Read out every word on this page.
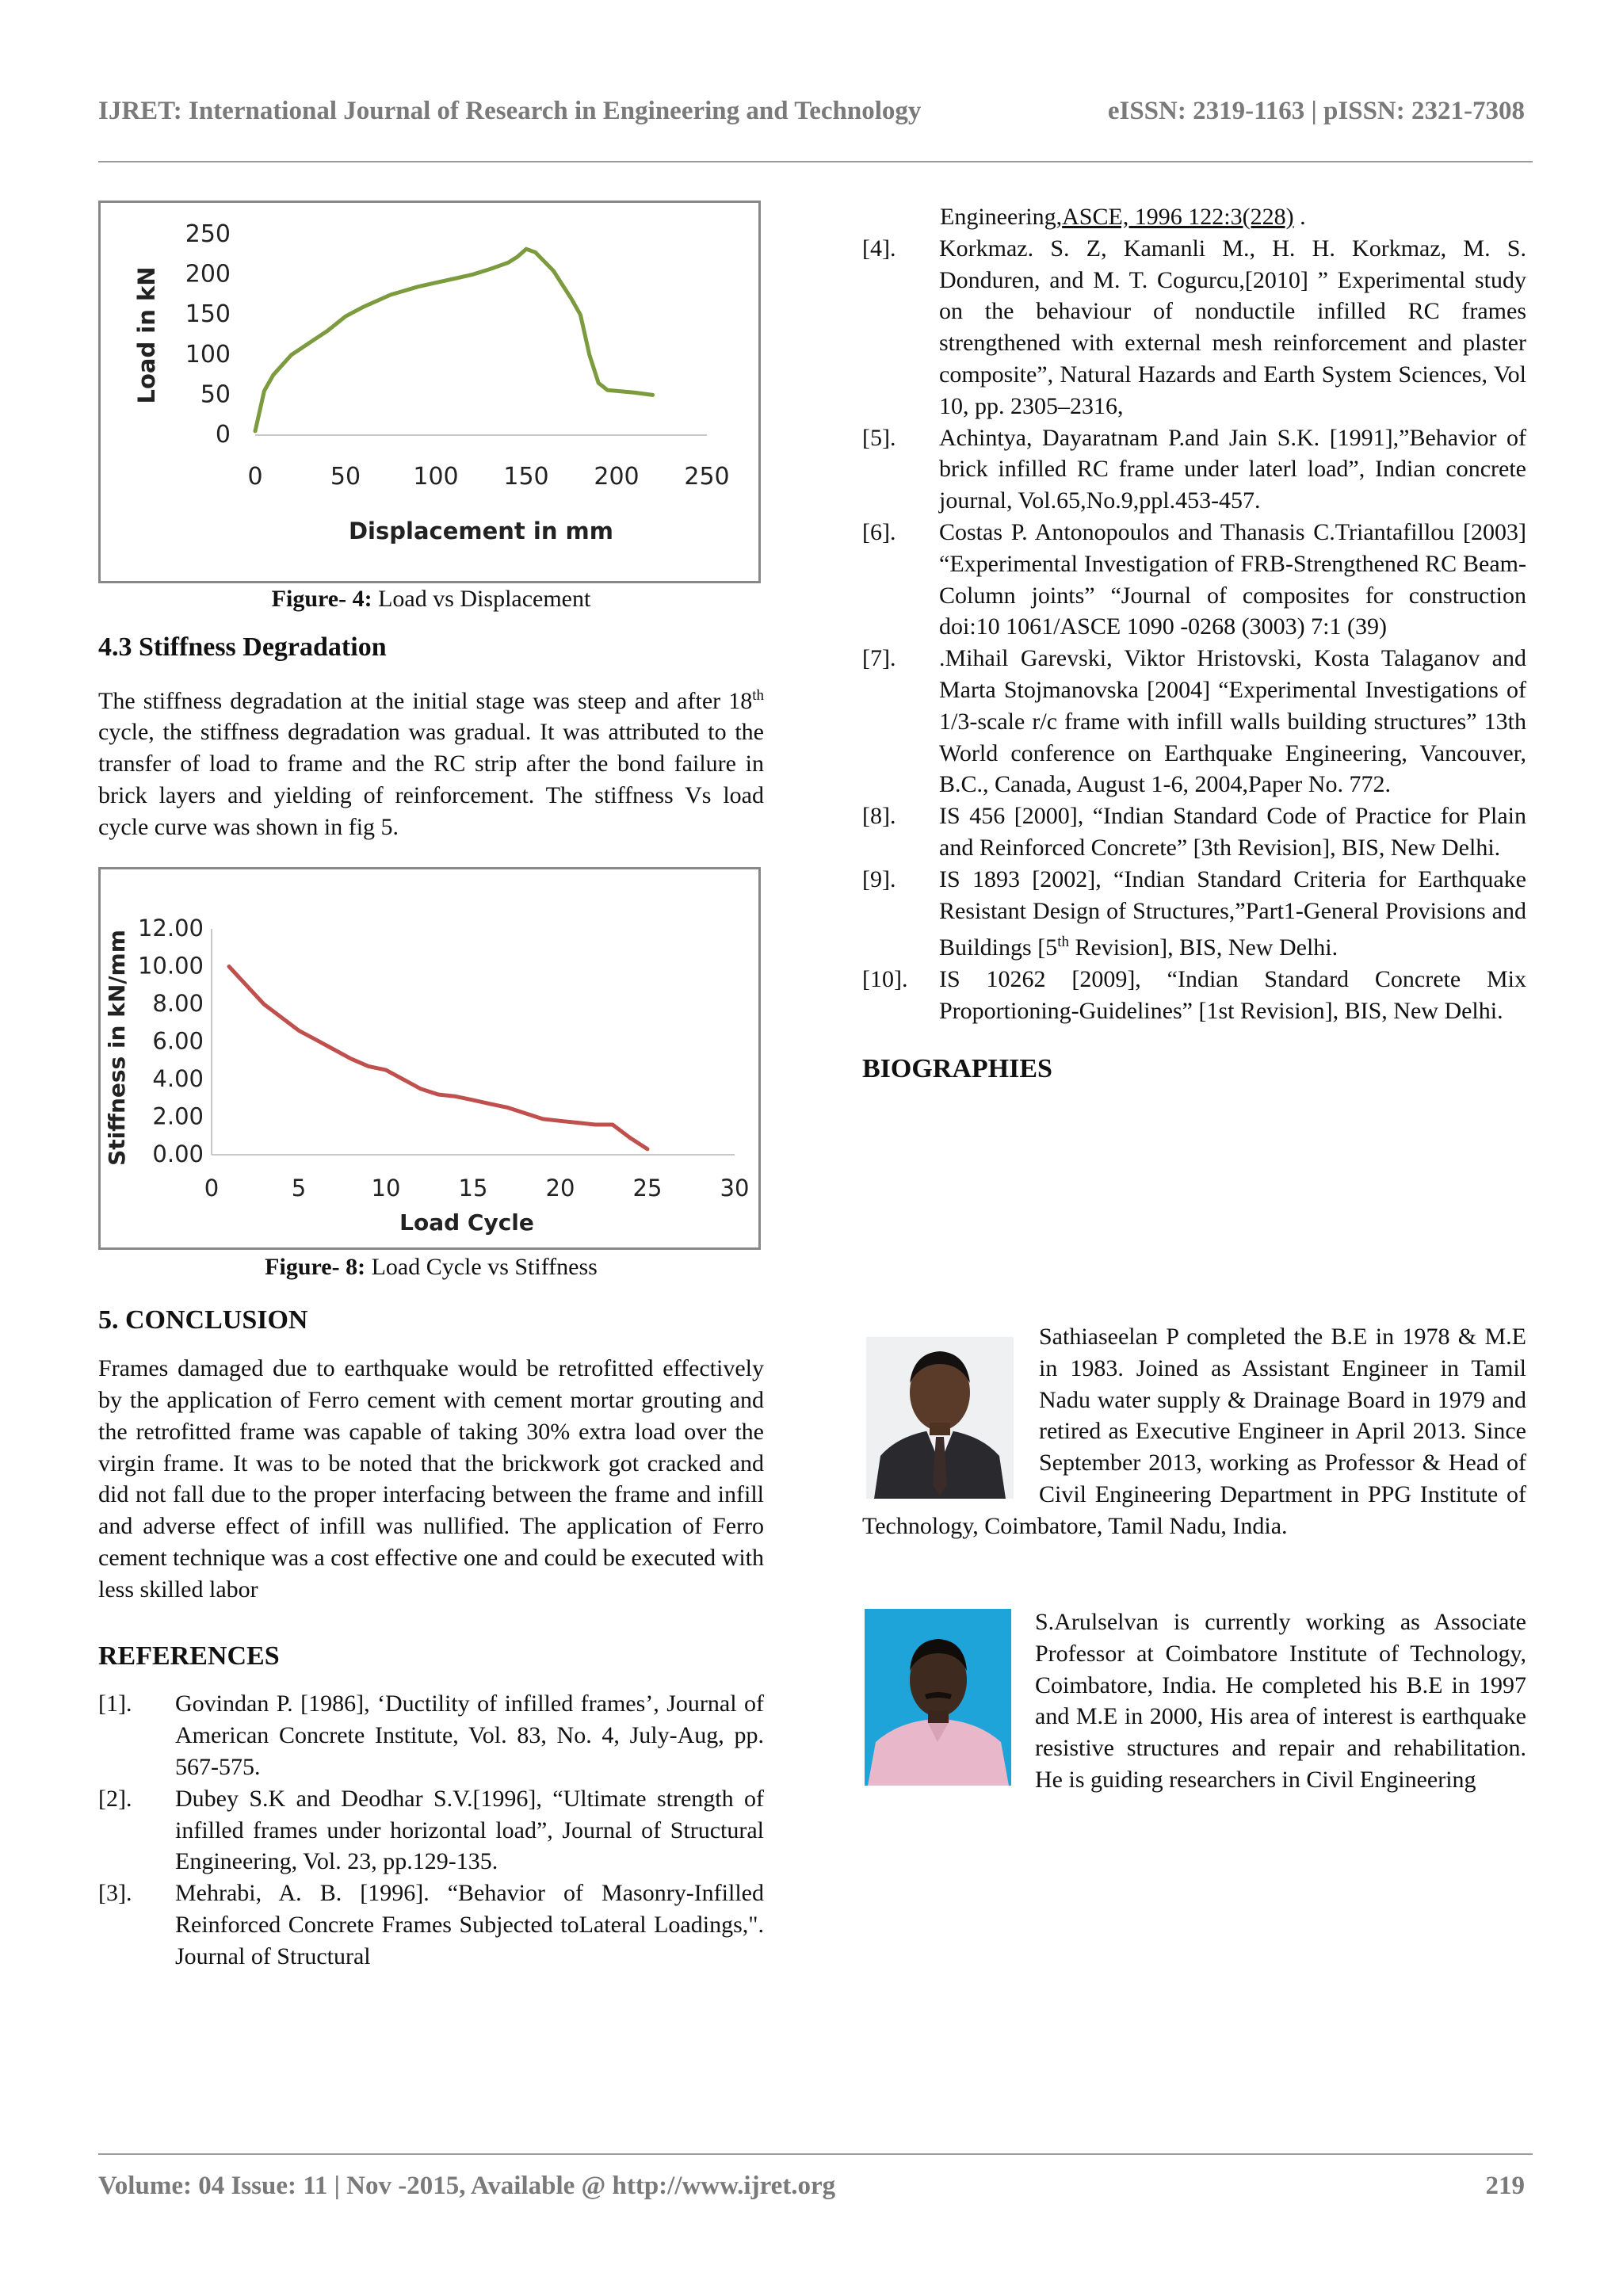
IJRET: International Journal of Research in Engineering and Technology	eISSN: 2319-1163 | pISSN: 2321-7308
250
200
150
100
50
0
0	50 100 150 200 250
Displacement in mm
Load in kN
Figure- 4: Load vs Displacement
4.3 Stiffness Degradation

The stiffness degradation at the initial stage was steep and after 18th cycle, the stiffness degradation was gradual. It was attributed to the transfer of load to frame and the RC strip after the bond failure in brick layers and yielding of reinforcement. The stiffness Vs load cycle curve was shown in fig 5.

12.00
10.00
8.00
6.00
4.00
2.00
0.00
0	5	10	15	20	25	30
Load Cycle
Stiffness in kN/mm
Figure- 8: Load Cycle vs Stiffness
5. CONCLUSION

Frames damaged due to earthquake would be retrofitted effectively by the application of Ferro cement with cement mortar grouting and the retrofitted frame was capable of taking 30% extra load over the virgin frame. It was to be noted that the brickwork got cracked and did not fall due to the proper interfacing between the frame and infill and adverse effect of infill was nullified. The application of Ferro cement technique was a cost effective one and could be executed with less skilled labor

REFERENCES
[1]. Govindan P. [1986], ‘Ductility of infilled frames’, Journal of American Concrete Institute, Vol. 83, No. 4, July-Aug, pp. 567-575.
[2]. Dubey S.K and Deodhar S.V.[1996], “Ultimate strength of infilled frames under horizontal load”, Journal of Structural Engineering, Vol. 23, pp.129-135.
[3]. Mehrabi, A. B. [1996]. “Behavior of Masonry-Infilled Reinforced Concrete Frames Subjected toLateral Loadings,". Journal of Structural
Engineering,ASCE, 1996 122:3(228) .
[4]. Korkmaz. S. Z, Kamanli M., H. H. Korkmaz, M. S. Donduren, and M. T. Cogurcu,[2010] ” Experimental study on the behaviour of nonductile infilled RC frames strengthened with external mesh reinforcement and plaster composite”, Natural Hazards and Earth System Sciences, Vol 10, pp. 2305–2316,
[5]. Achintya, Dayaratnam P.and Jain S.K. [1991],”Behavior of brick infilled RC frame under laterl load”, Indian concrete journal, Vol.65,No.9,ppl.453-457.
[6]. Costas P. Antonopoulos and Thanasis C.Triantafillou [2003] “Experimental Investigation of FRB-Strengthened RC Beam-Column joints” “Journal of composites for construction doi:10 1061/ASCE 1090 -0268 (3003) 7:1 (39)
[7]. .Mihail Garevski, Viktor Hristovski, Kosta Talaganov and Marta Stojmanovska [2004] “Experimental Investigations of 1/3-scale r/c frame with infill walls building structures” 13th World conference on Earthquake Engineering, Vancouver, B.C., Canada, August 1-6, 2004,Paper No. 772.
[8]. IS 456 [2000], “Indian Standard Code of Practice for Plain and Reinforced Concrete” [3th Revision], BIS, New Delhi.
[9]. IS 1893 [2002], “Indian Standard Criteria for Earthquake Resistant Design of Structures,”Part1-General Provisions and Buildings [5th Revision], BIS, New Delhi.
[10]. IS 10262 [2009], “Indian Standard Concrete Mix Proportioning-Guidelines” [1st Revision], BIS, New Delhi.
BIOGRAPHIES

Sathiaseelan P completed the B.E in 1978 & M.E in 1983. Joined as Assistant Engineer in Tamil Nadu water supply & Drainage Board in 1979 and retired as Executive Engineer in April 2013. Since September 2013, working as Professor & Head of Civil Engineering Department in PPG Institute of Technology, Coimbatore, Tamil Nadu, India.

S.Arulselvan is currently working as Associate Professor at Coimbatore Institute of Technology, Coimbatore, India. He completed his B.E in 1997 and M.E in 2000, His area of interest is earthquake resistive structures and repair and rehabilitation. He is guiding researchers in Civil Engineering

Volume: 04 Issue: 11 | Nov -2015, Available @ http://www.ijret.org	219
